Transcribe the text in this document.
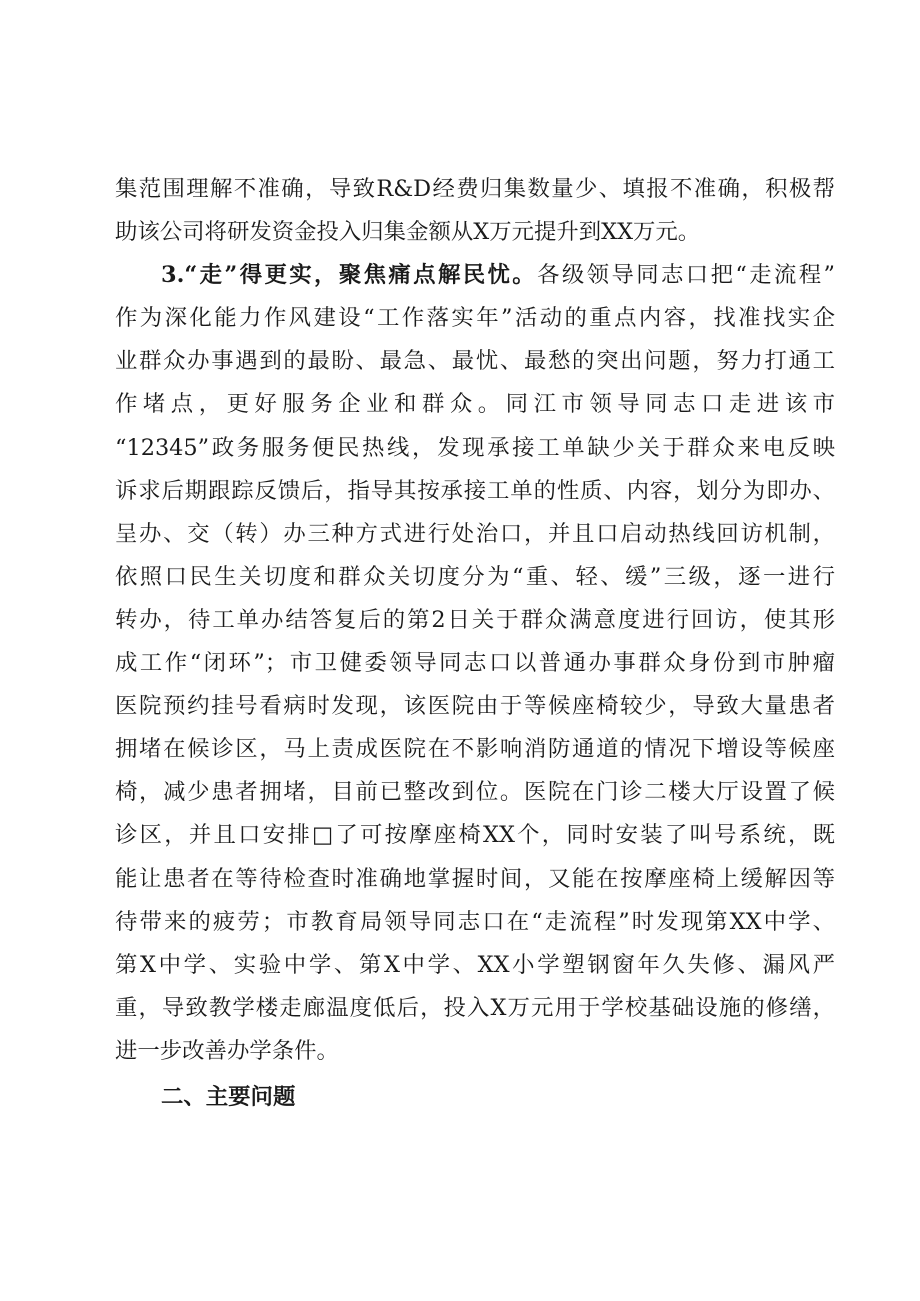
集范围理解不准确，导致R&D经费归集数量少、填报不准确，积极帮
助该公司将研发资金投入归集金额从X万元提升到XX万元。
3.“走”得更实，聚焦痛点解民忧。各级领导同志口把“走流程”
作为深化能力作风建设“工作落实年”活动的重点内容，找准找实企
业群众办事遇到的最盼、最急、最忧、最愁的突出问题，努力打通工
作堵点，更好服务企业和群众。同江市领导同志口走进该市
“12345”政务服务便民热线，发现承接工单缺少关于群众来电反映
诉求后期跟踪反馈后，指导其按承接工单的性质、内容，划分为即办、
呈办、交（转）办三种方式进行处治口，并且口启动热线回访机制，
依照口民生关切度和群众关切度分为“重、轻、缓”三级，逐一进行
转办，待工单办结答复后的第2日关于群众满意度进行回访，使其形
成工作“闭环”；市卫健委领导同志口以普通办事群众身份到市肿瘤
医院预约挂号看病时发现，该医院由于等候座椅较少，导致大量患者
拥堵在候诊区，马上责成医院在不影响消防通道的情况下增设等候座
椅，减少患者拥堵，目前已整改到位。医院在门诊二楼大厅设置了候
诊区，并且口安排□了可按摩座椅XX个，同时安装了叫号系统，既
能让患者在等待检查时准确地掌握时间，又能在按摩座椅上缓解因等
待带来的疲劳；市教育局领导同志口在“走流程”时发现第XX中学、
第X中学、实验中学、第X中学、XX小学塑钢窗年久失修、漏风严
重，导致教学楼走廊温度低后，投入X万元用于学校基础设施的修缮，
进一步改善办学条件。
二、主要问题
